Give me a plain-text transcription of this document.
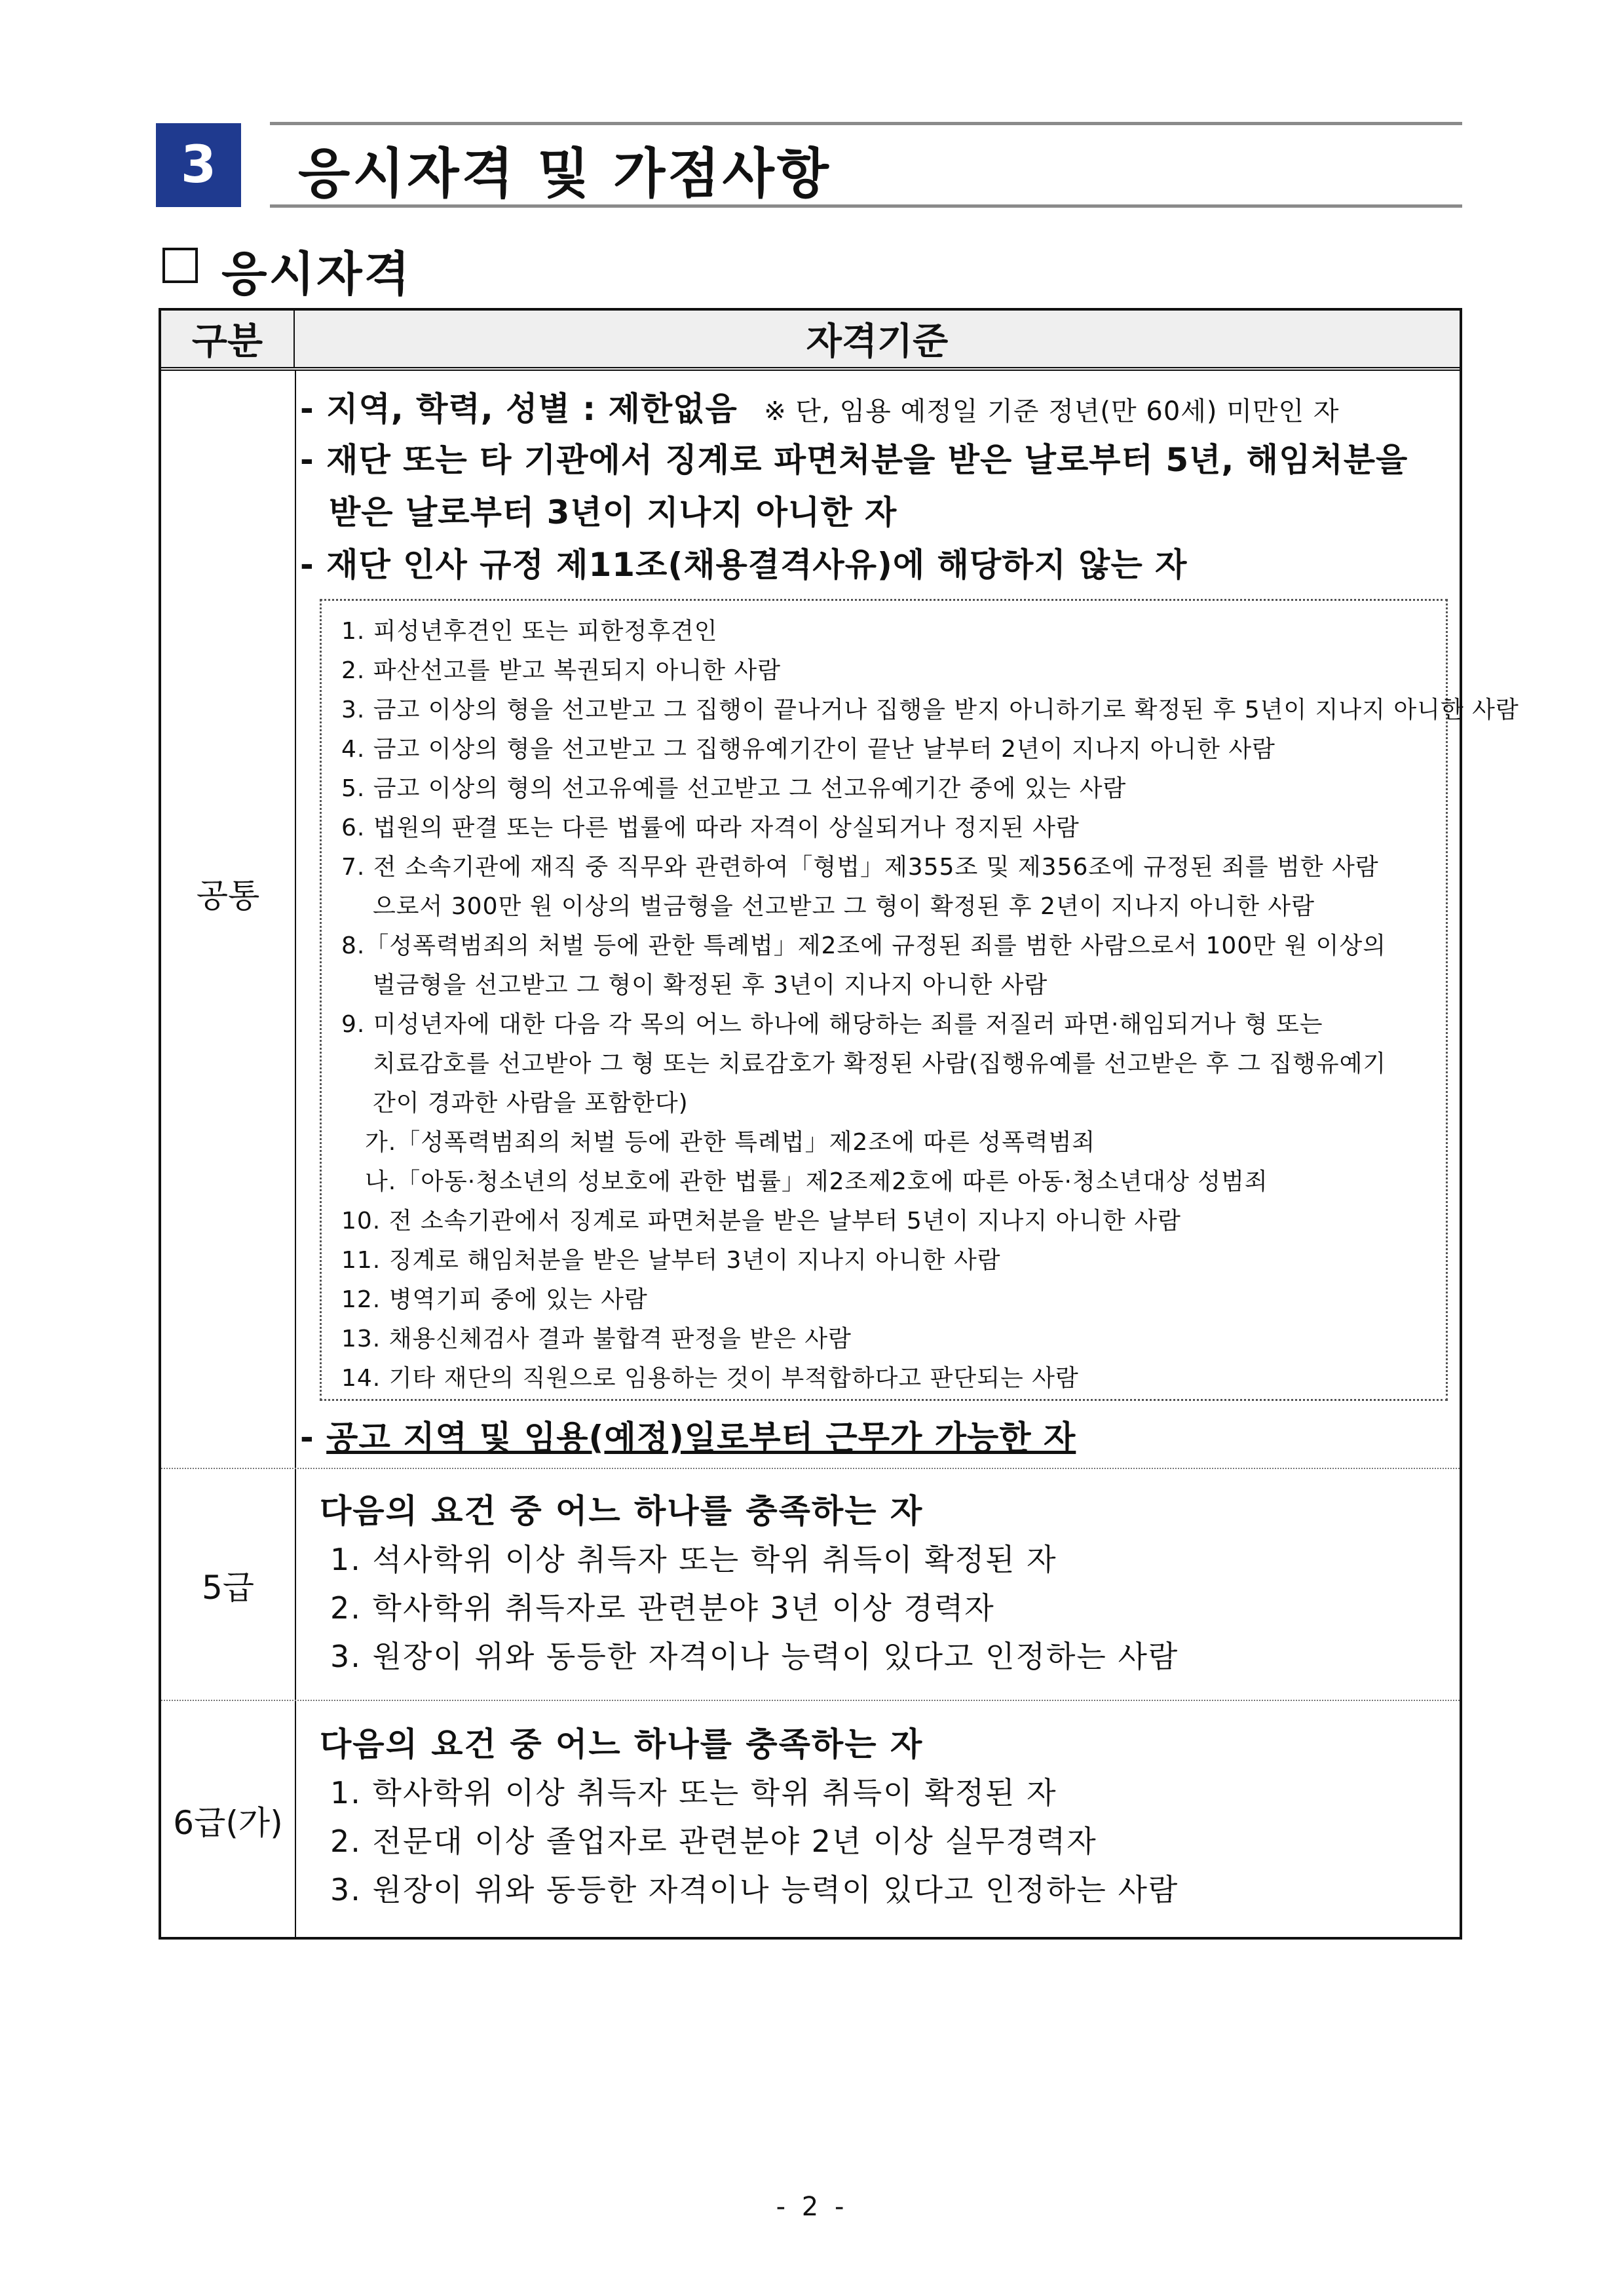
3	응시자격 및 가점사항
응시자격
구분	자격기준
공통
- 지역, 학력, 성별 : 제한없음 ※ 단, 임용 예정일 기준 정년(만 60세) 미만인 자
- 재단 또는 타 기관에서 징계로 파면처분을 받은 날로부터 5년, 해임처분을
받은 날로부터 3년이 지나지 아니한 자
- 재단 인사 규정 제11조(채용결격사유)에 해당하지 않는 자
1. 피성년후견인 또는 피한정후견인
2. 파산선고를 받고 복권되지 아니한 사람
3. 금고 이상의 형을 선고받고 그 집행이 끝나거나 집행을 받지 아니하기로 확정된 후 5년이 지나지 아니한 사람
4. 금고 이상의 형을 선고받고 그 집행유예기간이 끝난 날부터 2년이 지나지 아니한 사람
5. 금고 이상의 형의 선고유예를 선고받고 그 선고유예기간 중에 있는 사람
6. 법원의 판결 또는 다른 법률에 따라 자격이 상실되거나 정지된 사람
7. 전 소속기관에 재직 중 직무와 관련하여「형법」제355조 및 제356조에 규정된 죄를 범한 사람
으로서 300만 원 이상의 벌금형을 선고받고 그 형이 확정된 후 2년이 지나지 아니한 사람
8.「성폭력범죄의 처벌 등에 관한 특례법」제2조에 규정된 죄를 범한 사람으로서 100만 원 이상의
벌금형을 선고받고 그 형이 확정된 후 3년이 지나지 아니한 사람
9. 미성년자에 대한 다음 각 목의 어느 하나에 해당하는 죄를 저질러 파면·해임되거나 형 또는
치료감호를 선고받아 그 형 또는 치료감호가 확정된 사람(집행유예를 선고받은 후 그 집행유예기
간이 경과한 사람을 포함한다)
가.「성폭력범죄의 처벌 등에 관한 특례법」제2조에 따른 성폭력범죄
나.「아동·청소년의 성보호에 관한 법률」제2조제2호에 따른 아동·청소년대상 성범죄
10. 전 소속기관에서 징계로 파면처분을 받은 날부터 5년이 지나지 아니한 사람
11. 징계로 해임처분을 받은 날부터 3년이 지나지 아니한 사람
12. 병역기피 중에 있는 사람
13. 채용신체검사 결과 불합격 판정을 받은 사람
14. 기타 재단의 직원으로 임용하는 것이 부적합하다고 판단되는 사람
- 공고 지역 및 임용(예정)일로부터 근무가 가능한 자
5급
다음의 요건 중 어느 하나를 충족하는 자
1. 석사학위 이상 취득자 또는 학위 취득이 확정된 자
2. 학사학위 취득자로 관련분야 3년 이상 경력자
3. 원장이 위와 동등한 자격이나 능력이 있다고 인정하는 사람
6급(가)
다음의 요건 중 어느 하나를 충족하는 자
1. 학사학위 이상 취득자 또는 학위 취득이 확정된 자
2. 전문대 이상 졸업자로 관련분야 2년 이상 실무경력자
3. 원장이 위와 동등한 자격이나 능력이 있다고 인정하는 사람
- 2 -
